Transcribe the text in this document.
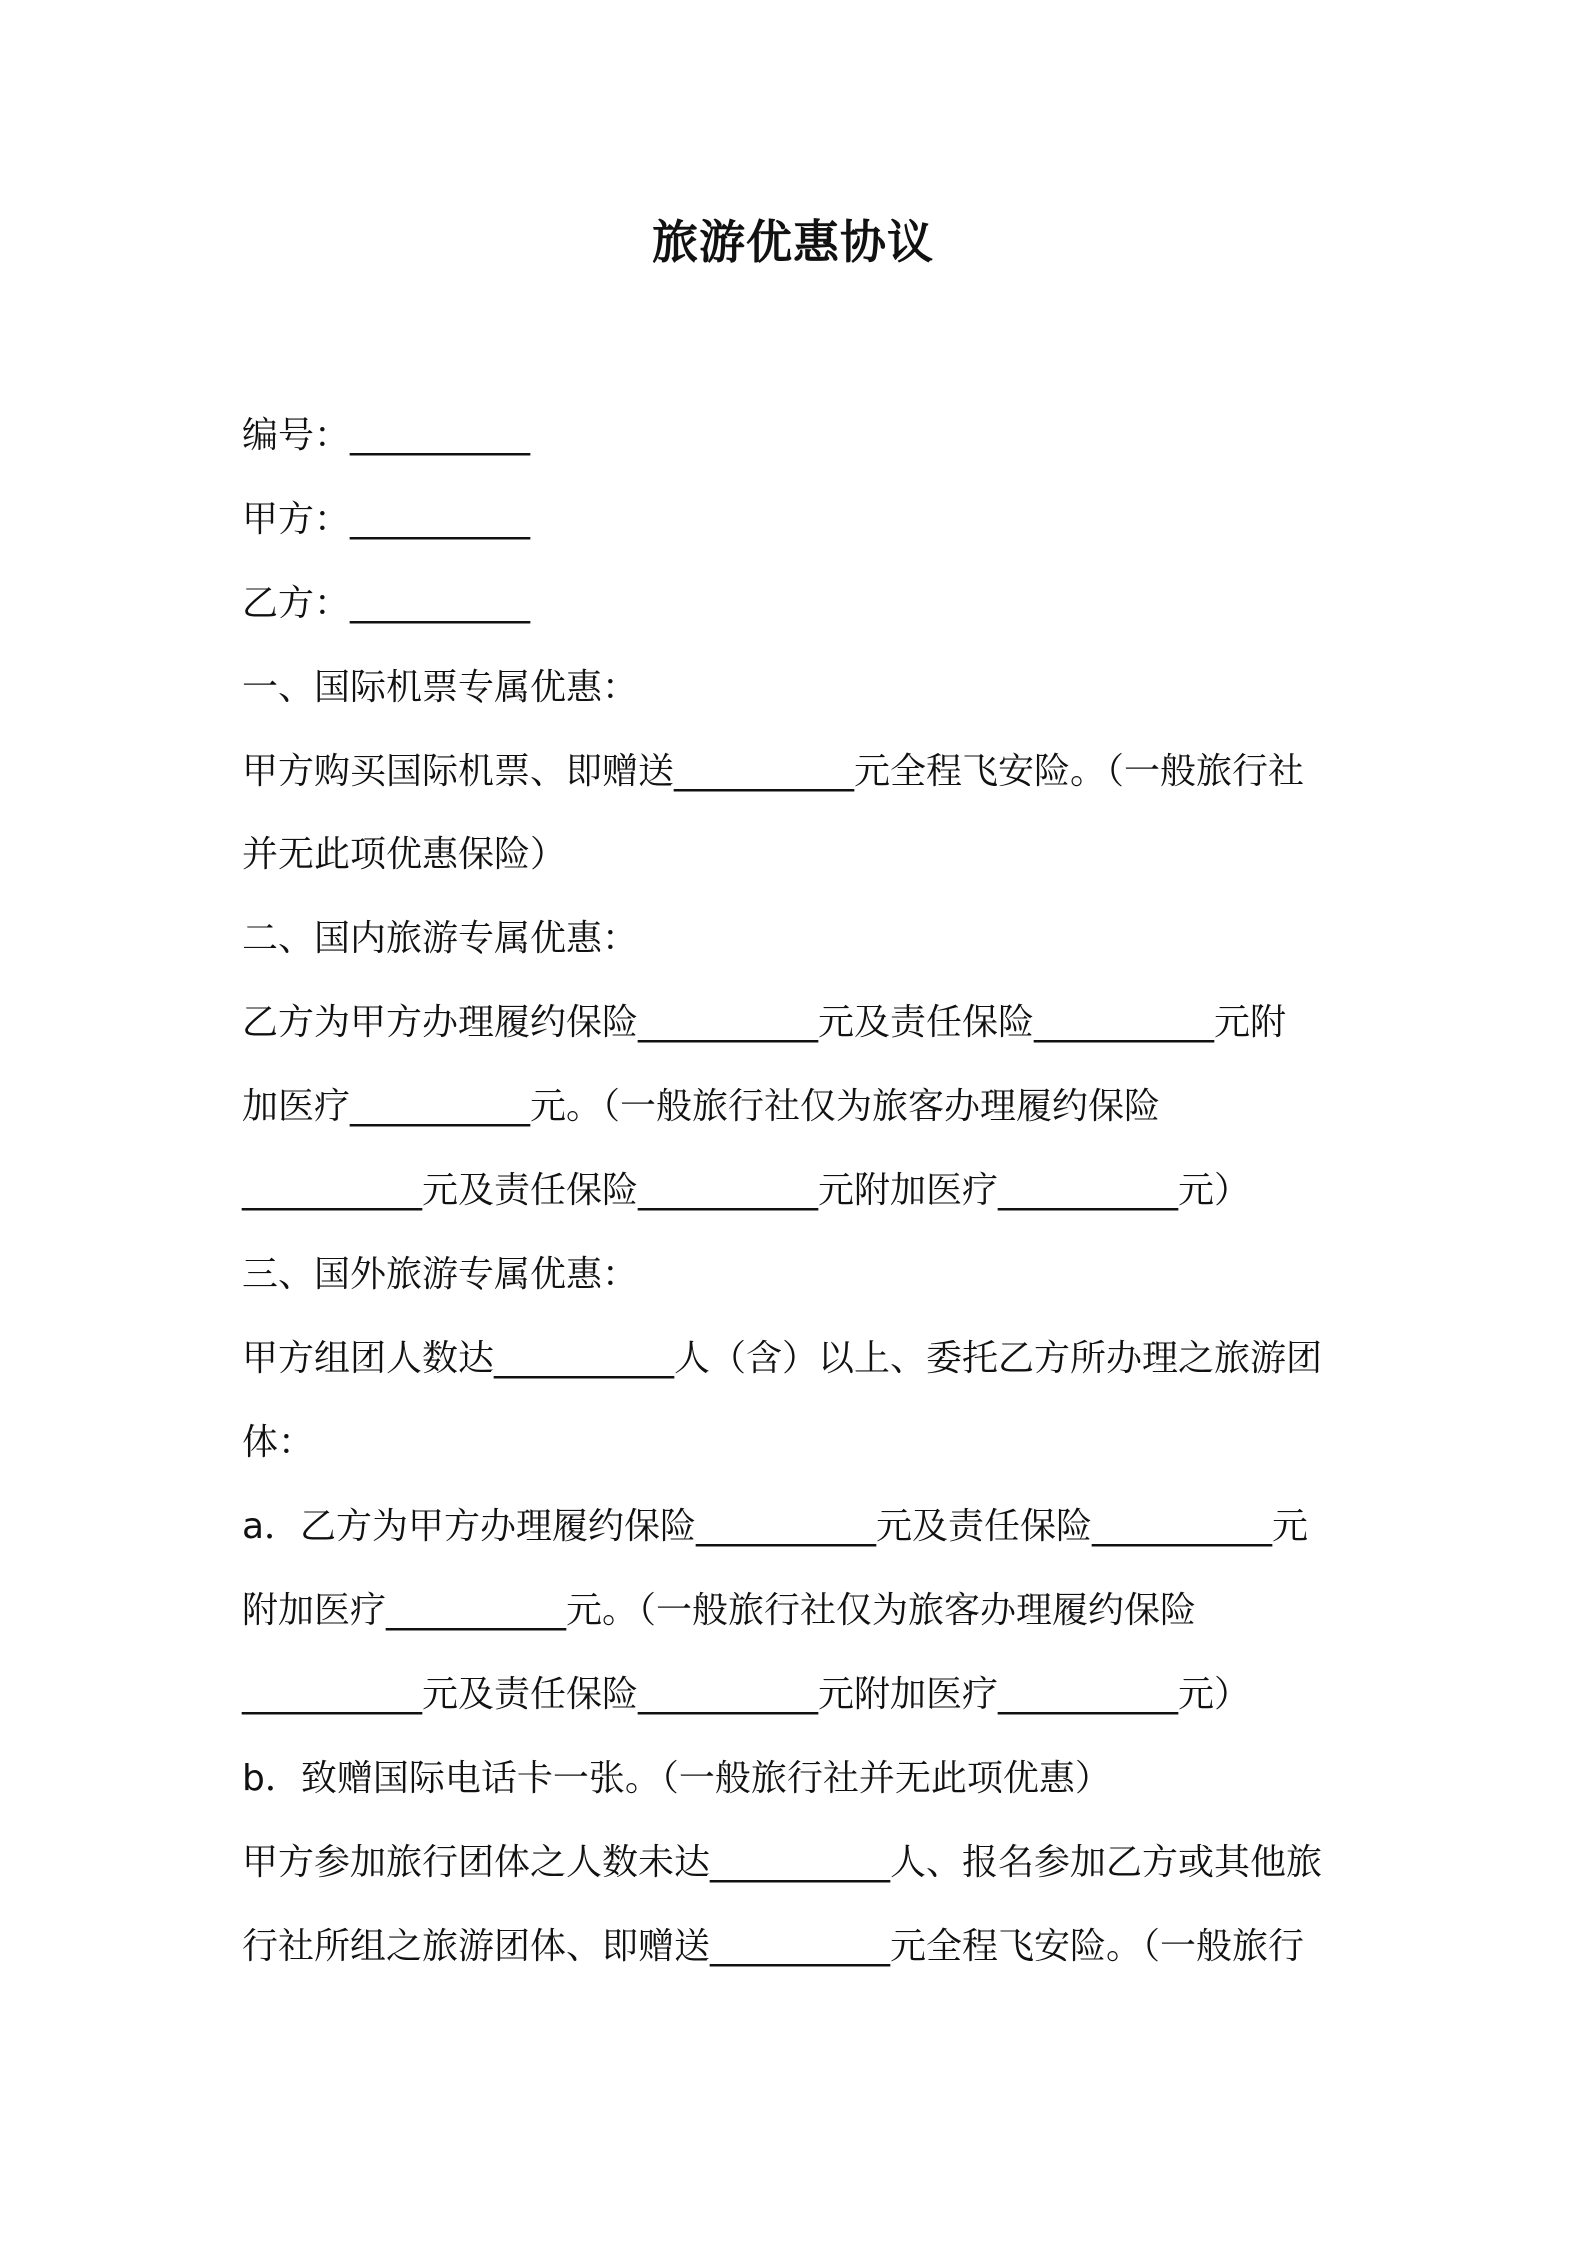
旅游优惠协议
编号：__________
甲方：__________
乙方：__________
一、国际机票专属优惠：
甲方购买国际机票、即赠送__________元全程飞安险。（一般旅行社
并无此项优惠保险）
二、国内旅游专属优惠：
乙方为甲方办理履约保险__________元及责任保险__________元附
加医疗__________元。（一般旅行社仅为旅客办理履约保险
__________元及责任保险__________元附加医疗__________元）
三、国外旅游专属优惠：
甲方组团人数达__________人（含）以上、委托乙方所办理之旅游团
体：
a．乙方为甲方办理履约保险__________元及责任保险__________元
附加医疗__________元。（一般旅行社仅为旅客办理履约保险
__________元及责任保险__________元附加医疗__________元）
b．致赠国际电话卡一张。（一般旅行社并无此项优惠）
甲方参加旅行团体之人数未达__________人、报名参加乙方或其他旅
行社所组之旅游团体、即赠送__________元全程飞安险。（一般旅行
